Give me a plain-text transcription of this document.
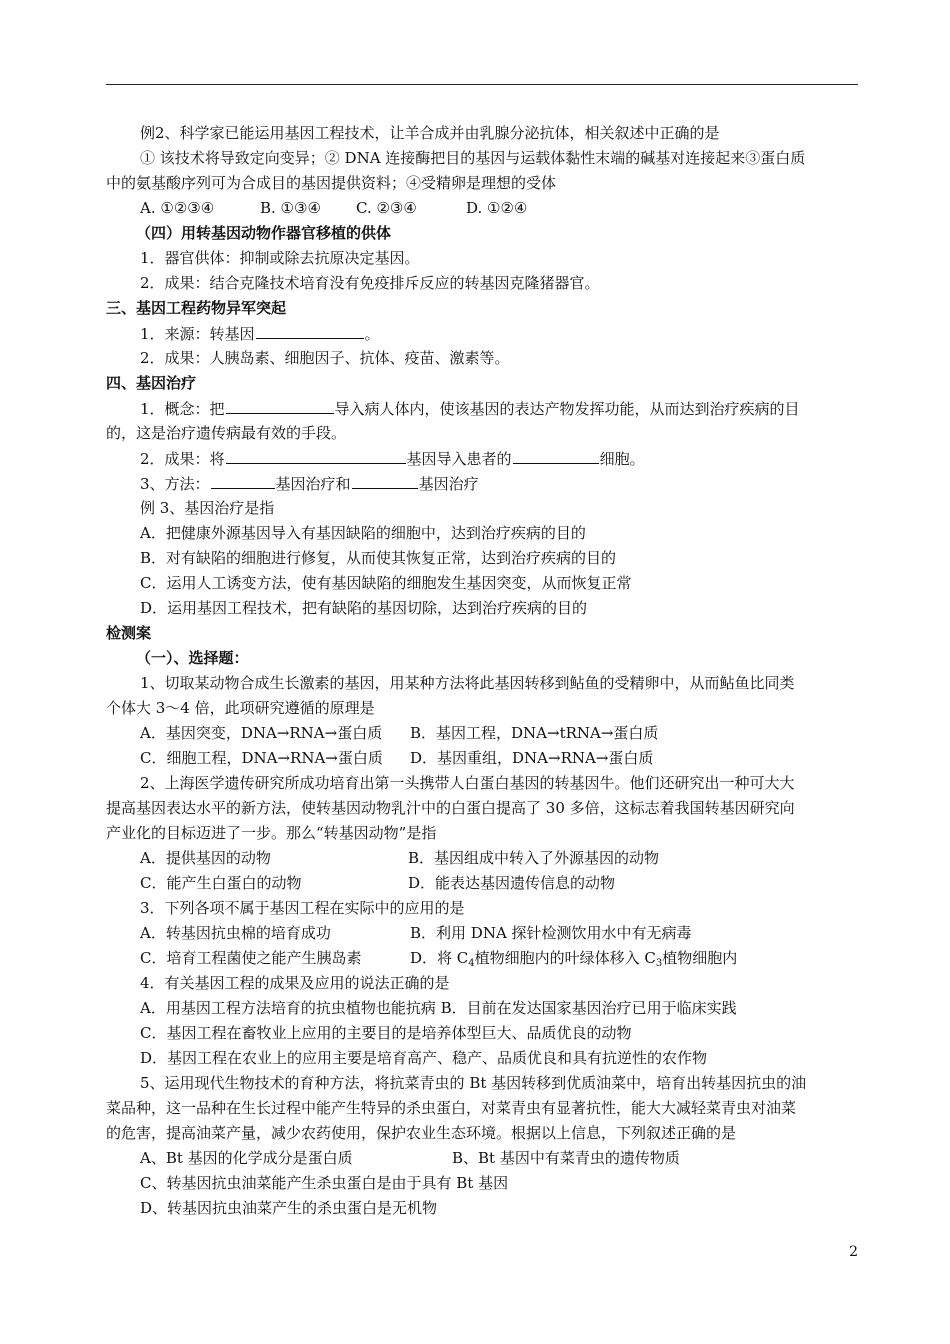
例2、科学家已能运用基因工程技术，让羊合成并由乳腺分泌抗体，相关叙述中正确的是
① 该技术将导致定向变异；② DNA 连接酶把目的基因与运载体黏性末端的碱基对连接起来③蛋白质
中的氨基酸序列可为合成目的基因提供资料；④受精卵是理想的受体
A. ①②③④	B. ①③④ C. ②③④	D. ①②④
（四）用转基因动物作器官移植的供体
1．器官供体：抑制或除去抗原决定基因。
2．成果：结合克隆技术培育没有免疫排斥反应的转基因克隆猪器官。
三、基因工程药物异军突起
1．来源：转基因	。
2．成果：人胰岛素、细胞因子、抗体、疫苗、激素等。
四、基因治疗
1．概念：把	导入病人体内，使该基因的表达产物发挥功能，从而达到治疗疾病的目
的，这是治疗遗传病最有效的手段。
2．成果：将	基因导入患者的	细胞。
3、方法：	基因治疗和	基因治疗
例 3、基因治疗是指
A．把健康外源基因导入有基因缺陷的细胞中，达到治疗疾病的目的
B．对有缺陷的细胞进行修复，从而使其恢复正常，达到治疗疾病的目的
C．运用人工诱变方法，使有基因缺陷的细胞发生基因突变，从而恢复正常
D．运用基因工程技术，把有缺陷的基因切除，达到治疗疾病的目的
检测案
（一）、选择题：
1、切取某动物合成生长激素的基因，用某种方法将此基因转移到鲇鱼的受精卵中，从而鲇鱼比同类
个体大 3～4 倍，此项研究遵循的原理是
A．基因突变，DNA→RNA→蛋白质 B．基因工程，DNA→tRNA→蛋白质
C．细胞工程，DNA→RNA→蛋白质 D．基因重组，DNA→RNA→蛋白质
2、上海医学遗传研究所成功培育出第一头携带人白蛋白基因的转基因牛。他们还研究出一种可大大
提高基因表达水平的新方法，使转基因动物乳汁中的白蛋白提高了 30 多倍，这标志着我国转基因研究向
产业化的目标迈进了一步。那么“转基因动物”是指
A．提供基因的动物	B．基因组成中转入了外源基因的动物
C．能产生白蛋白的动物	D．能表达基因遗传信息的动物
3．下列各项不属于基因工程在实际中的应用的是
A．转基因抗虫棉的培育成功	B．利用 DNA 探针检测饮用水中有无病毒
C．培育工程菌使之能产生胰岛素	D．将 $C_4$植物细胞内的叶绿体移入 $C_3$植物细胞内
4．有关基因工程的成果及应用的说法正确的是
A．用基因工程方法培育的抗虫植物也能抗病 B．目前在发达国家基因治疗已用于临床实践
C．基因工程在畜牧业上应用的主要目的是培养体型巨大、品质优良的动物
D．基因工程在农业上的应用主要是培育高产、稳产、品质优良和具有抗逆性的农作物
5、运用现代生物技术的育种方法，将抗菜青虫的 Bt 基因转移到优质油菜中，培育出转基因抗虫的油
菜品种，这一品种在生长过程中能产生特异的杀虫蛋白，对菜青虫有显著抗性，能大大减轻菜青虫对油菜
的危害，提高油菜产量，减少农药使用，保护农业生态环境。根据以上信息，下列叙述正确的是
A、Bt 基因的化学成分是蛋白质	B、Bt 基因中有菜青虫的遗传物质
C、转基因抗虫油菜能产生杀虫蛋白是由于具有 Bt 基因
D、转基因抗虫油菜产生的杀虫蛋白是无机物
2
